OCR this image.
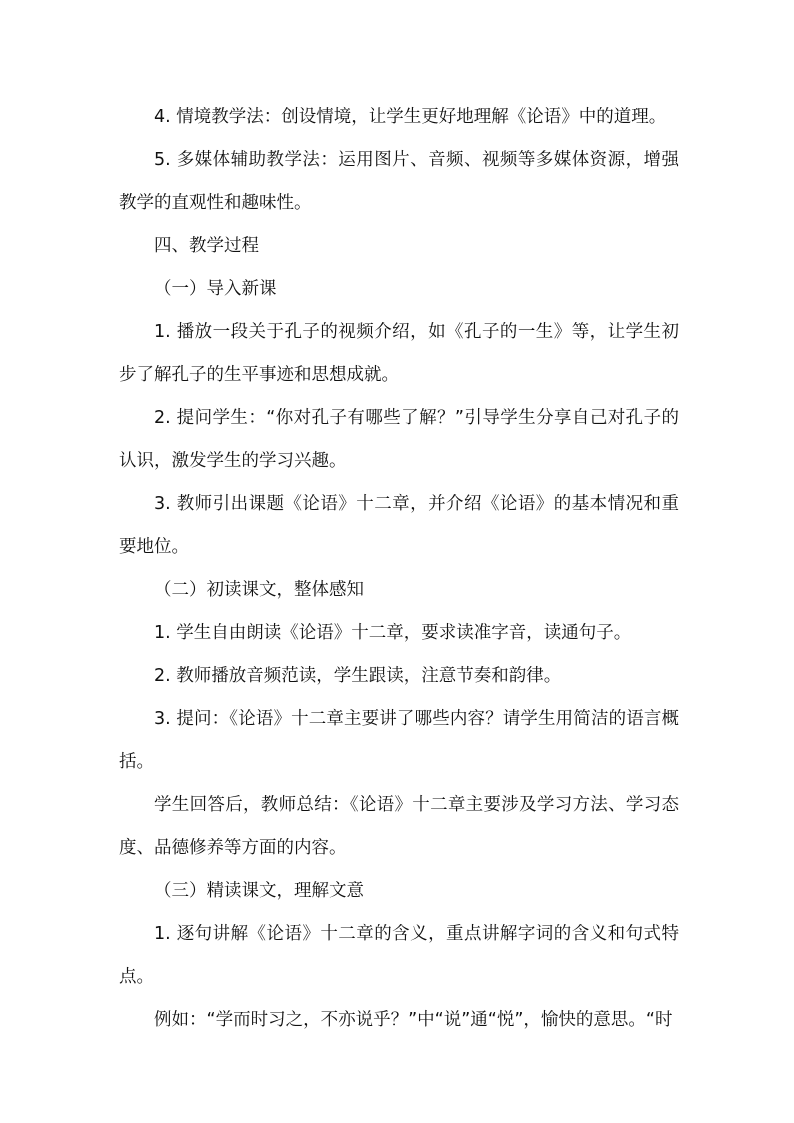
4. 情境教学法：创设情境，让学生更好地理解《论语》中的道理。

5. 多媒体辅助教学法：运用图片、音频、视频等多媒体资源，增强教学的直观性和趣味性。

四、教学过程

（一）导入新课

1. 播放一段关于孔子的视频介绍，如《孔子的一生》等，让学生初步了解孔子的生平事迹和思想成就。

2. 提问学生：“你对孔子有哪些了解？”引导学生分享自己对孔子的认识，激发学生的学习兴趣。

3. 教师引出课题《论语》十二章，并介绍《论语》的基本情况和重要地位。

（二）初读课文，整体感知

1. 学生自由朗读《论语》十二章，要求读准字音，读通句子。

2. 教师播放音频范读，学生跟读，注意节奏和韵律。

3. 提问：《论语》十二章主要讲了哪些内容？请学生用简洁的语言概括。

学生回答后，教师总结：《论语》十二章主要涉及学习方法、学习态度、品德修养等方面的内容。

（三）精读课文，理解文意

1. 逐句讲解《论语》十二章的含义，重点讲解字词的含义和句式特点。

例如：“学而时习之，不亦说乎？”中“说”通“悦”，愉快的意思。“时
